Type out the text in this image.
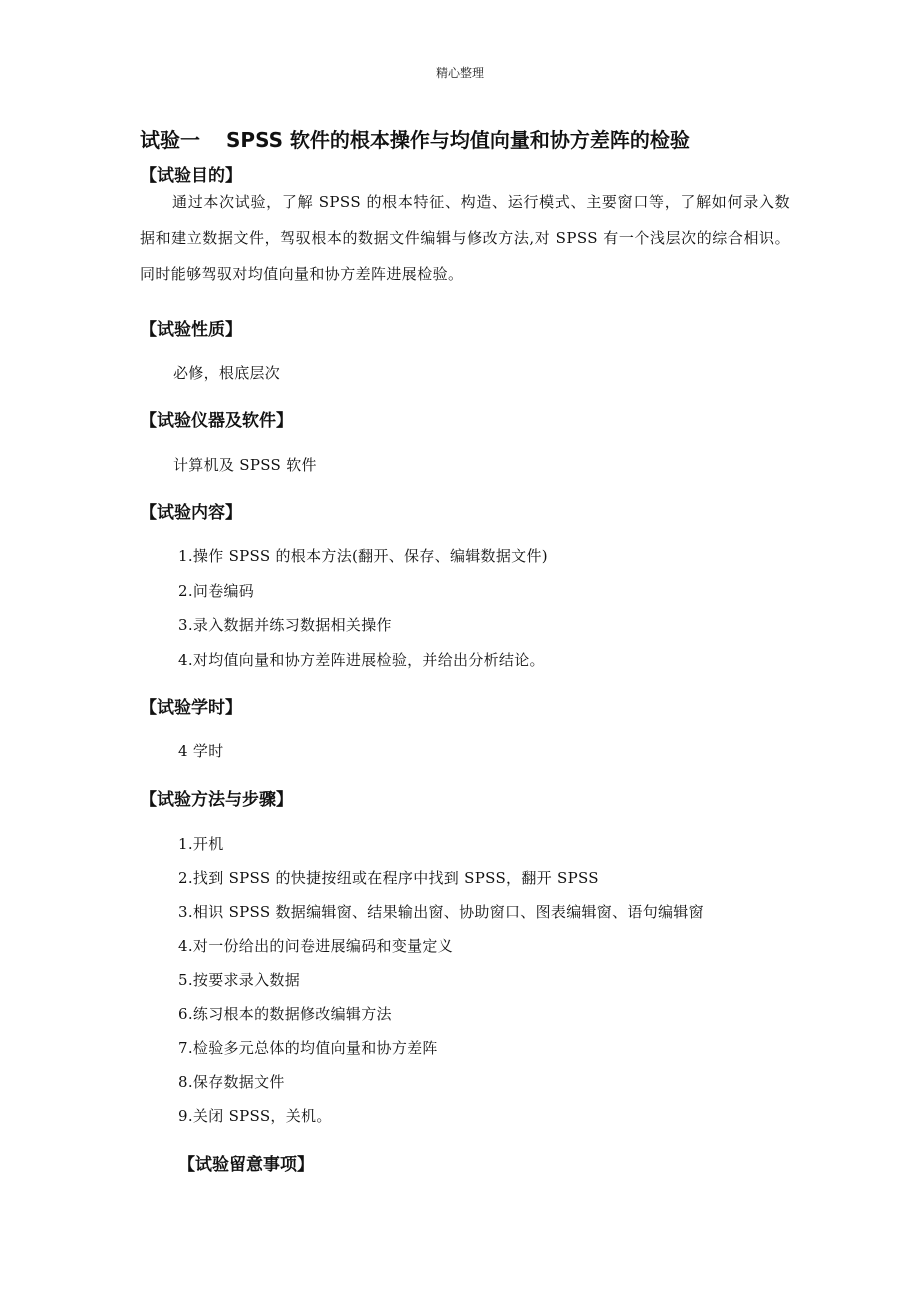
精心整理
试验一 SPSS 软件的根本操作与均值向量和协方差阵的检验
【试验目的】

通过本次试验，了解 SPSS 的根本特征、构造、运行模式、主要窗口等，了解如何录入数据和建立数据文件，驾驭根本的数据文件编辑与修改方法,对 SPSS 有一个浅层次的综合相识。同时能够驾驭对均值向量和协方差阵进展检验。

【试验性质】

必修，根底层次

【试验仪器及软件】

计算机及 SPSS 软件

【试验内容】

1.操作 SPSS 的根本方法(翻开、保存、编辑数据文件)

2.问卷编码

3.录入数据并练习数据相关操作

4.对均值向量和协方差阵进展检验，并给出分析结论。

【试验学时】

4 学时

【试验方法与步骤】

1.开机

2.找到 SPSS 的快捷按纽或在程序中找到 SPSS，翻开 SPSS

3.相识 SPSS 数据编辑窗、结果输出窗、协助窗口、图表编辑窗、语句编辑窗

4.对一份给出的问卷进展编码和变量定义

5.按要求录入数据

6.练习根本的数据修改编辑方法

7.检验多元总体的均值向量和协方差阵

8.保存数据文件

9.关闭 SPSS，关机。

【试验留意事项】
